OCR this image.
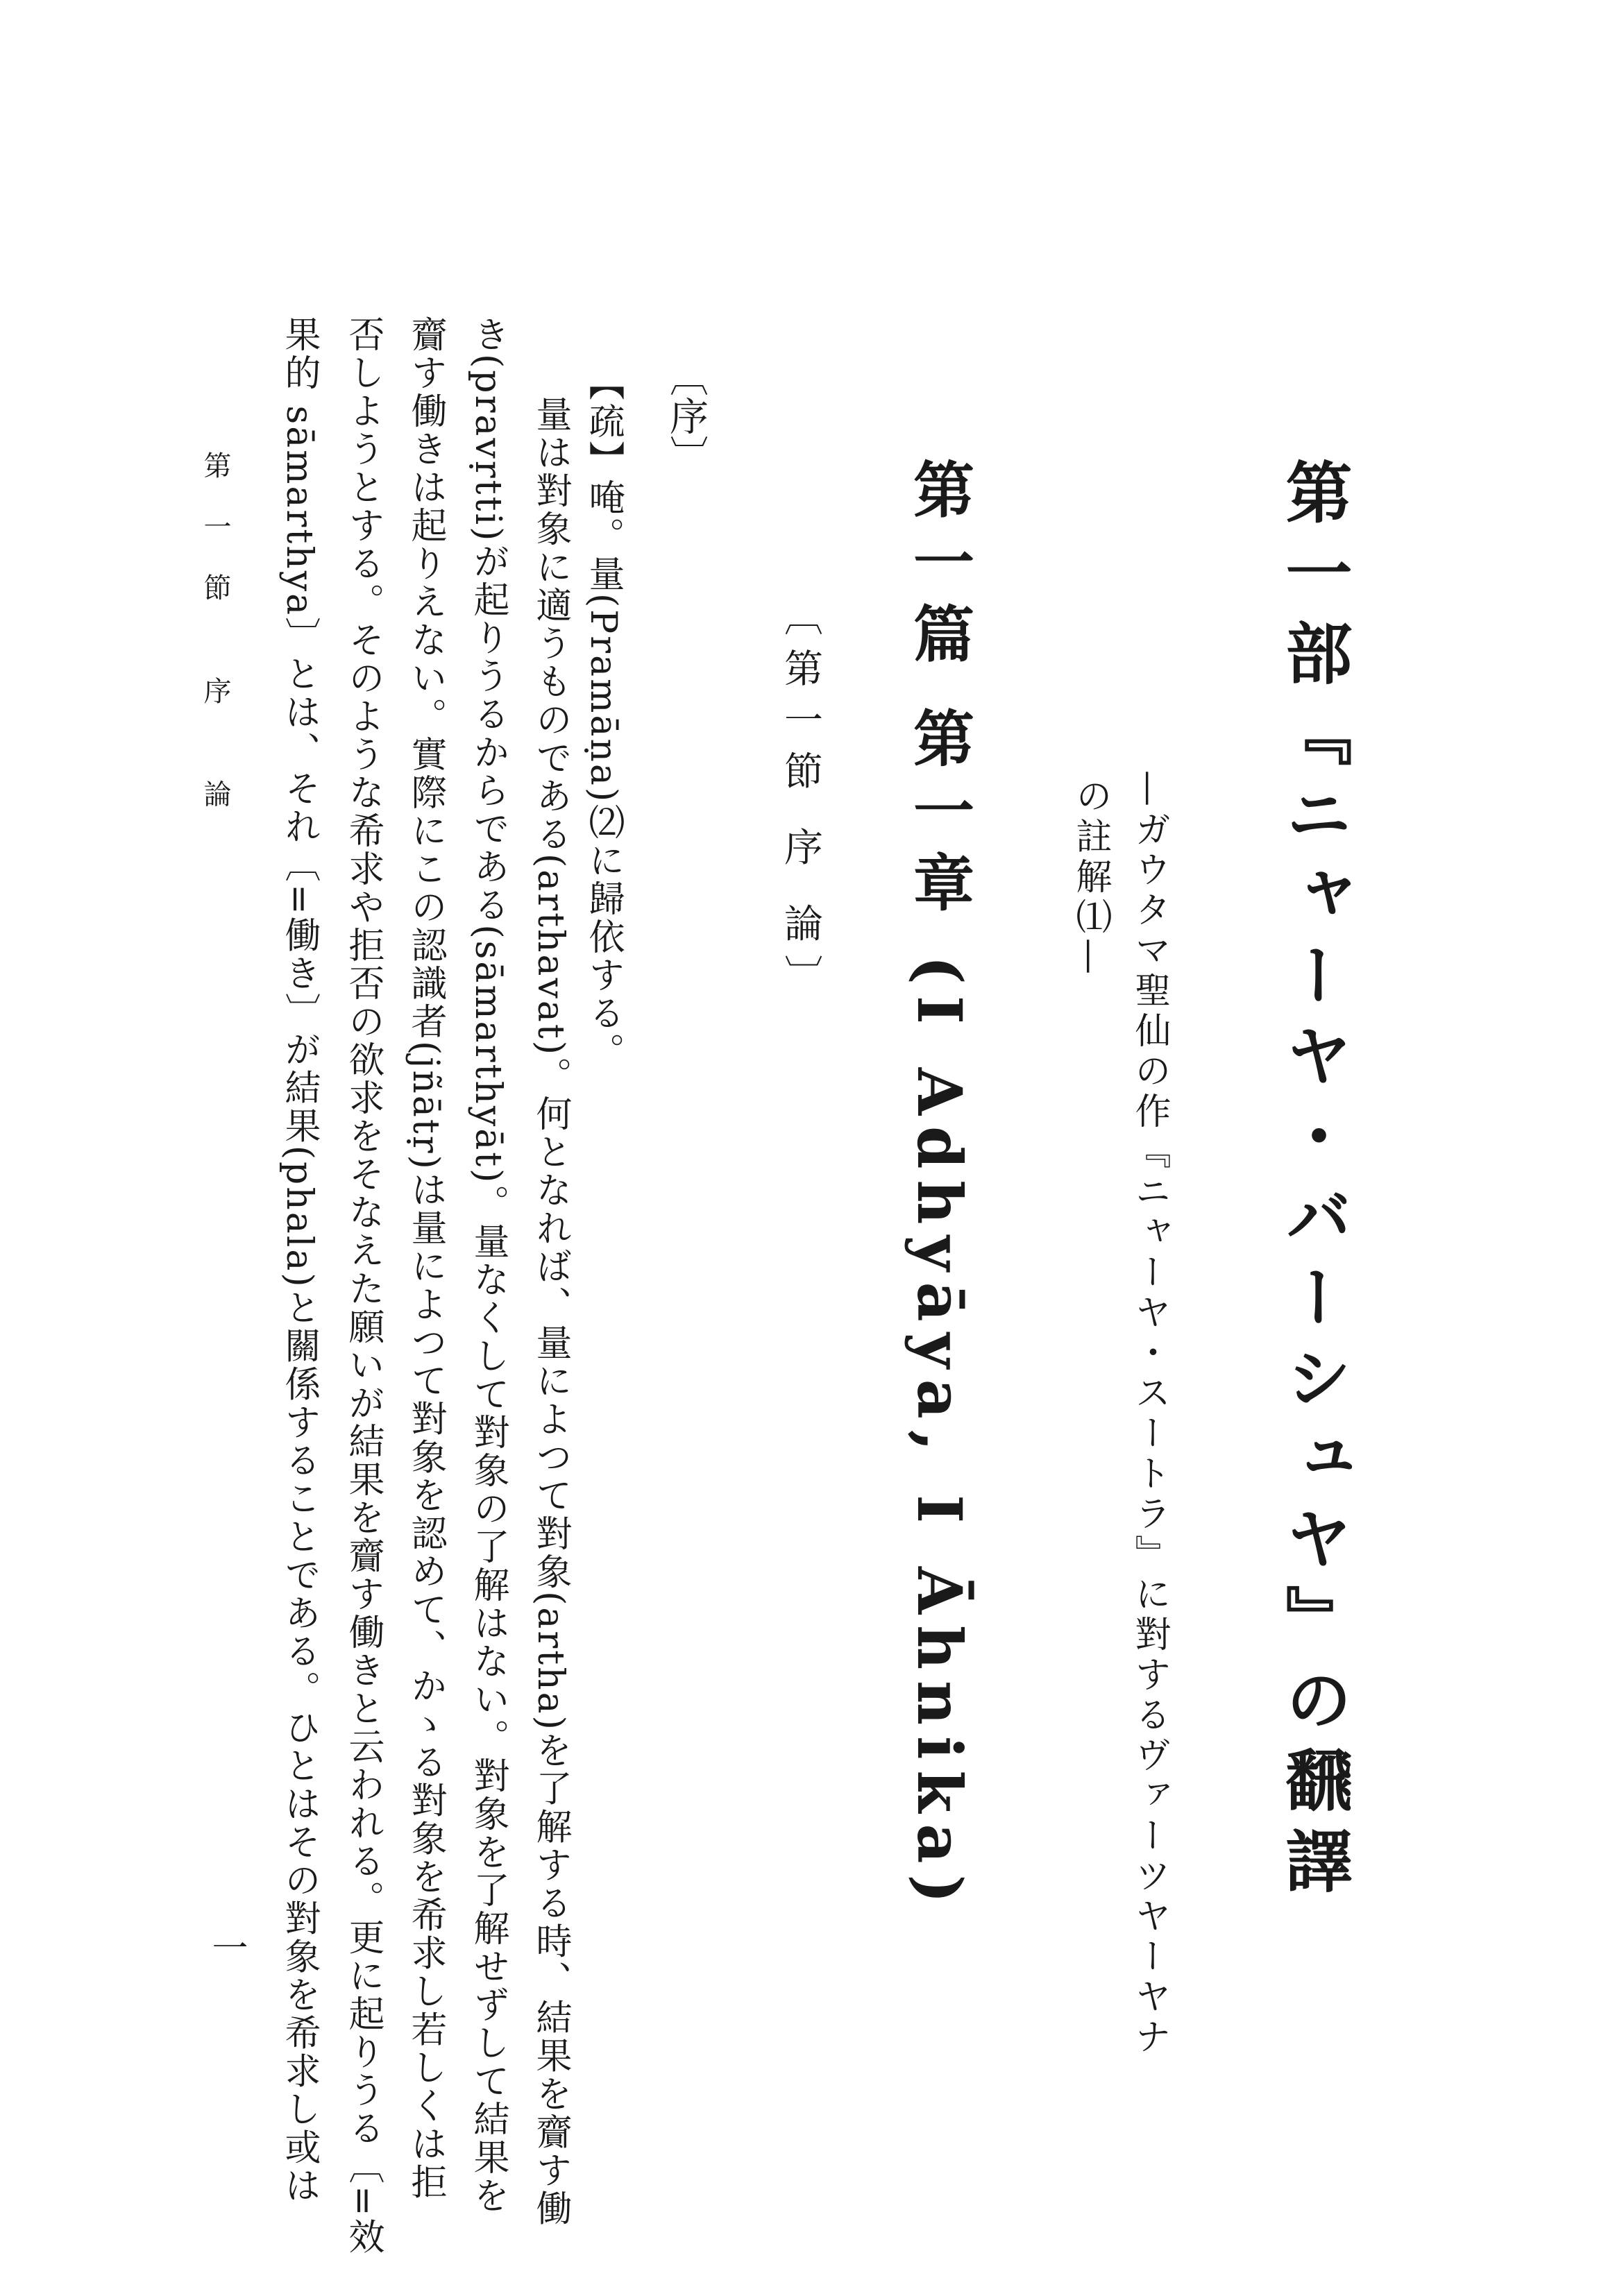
第一部『ニャーヤ・バーシュヤ』の飜譯
—ガウタマ聖仙の作『ニャーヤ・スートラ』に對するヴァーツヤーヤナ
の註解⑴—
第一篇 第一章 (I Adhyāya, I Āhnika)
〔第一節 序 論〕
〔序〕
【疏】唵。量(Pramāṇa)⑵に歸依する。
量は對象に適うものである(arthavat)。何となれば、量によつて對象(artha)を了解する時、結果を齎す働
き(pravṛtti)が起りうるからである(sāmarthyāt)。量なくして對象の了解はない。對象を了解せずして結果を
齎す働きは起りえない。實際にこの認識者(jñātṛ)は量によつて對象を認めて、かゝる對象を希求し若しくは拒
否しようとする。そのような希求や拒否の欲求をそなえた願いが結果を齎す働きと云われる。更に起りうる〔=效
果的 sāmarthya〕とは、それ〔=働き〕が結果(phala)と關係することである。ひとはその對象を希求し或は
第一節 序 論
一
